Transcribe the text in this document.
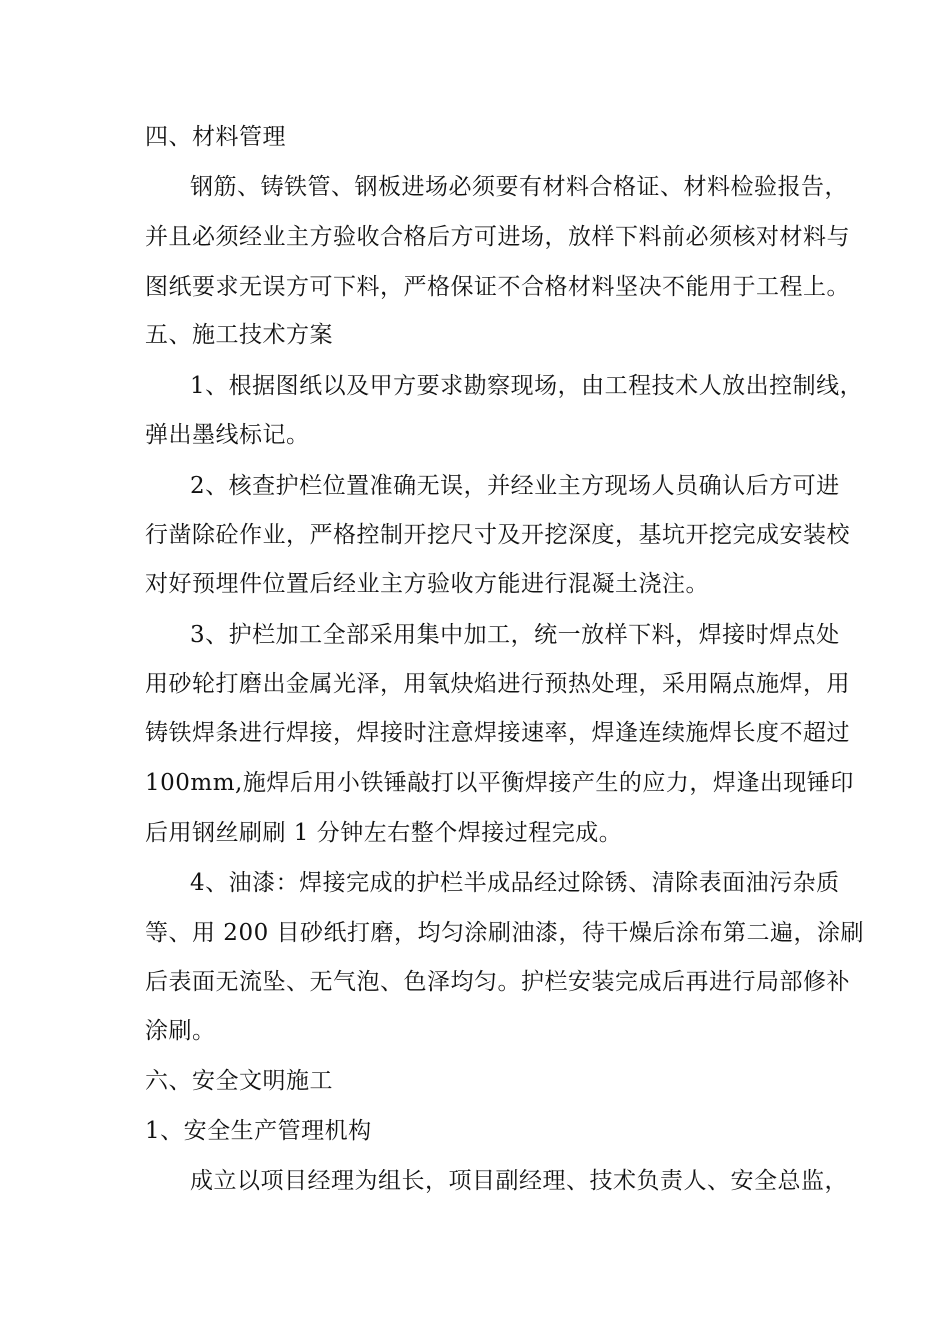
四、材料管理
钢筋、铸铁管、钢板进场必须要有材料合格证、材料检验报告，
并且必须经业主方验收合格后方可进场，放样下料前必须核对材料与
图纸要求无误方可下料，严格保证不合格材料坚决不能用于工程上。
五、施工技术方案
1、根据图纸以及甲方要求勘察现场，由工程技术人放出控制线，
弹出墨线标记。
2、核查护栏位置准确无误，并经业主方现场人员确认后方可进
行凿除砼作业，严格控制开挖尺寸及开挖深度，基坑开挖完成安装校
对好预埋件位置后经业主方验收方能进行混凝土浇注。
3、护栏加工全部采用集中加工，统一放样下料，焊接时焊点处
用砂轮打磨出金属光泽，用氧炔焰进行预热处理，采用隔点施焊，用
铸铁焊条进行焊接，焊接时注意焊接速率，焊逢连续施焊长度不超过
100mm,施焊后用小铁锤敲打以平衡焊接产生的应力，焊逢出现锤印
后用钢丝刷刷 1 分钟左右整个焊接过程完成。
4、油漆：焊接完成的护栏半成品经过除锈、清除表面油污杂质
等、用 200 目砂纸打磨，均匀涂刷油漆，待干燥后涂布第二遍，涂刷
后表面无流坠、无气泡、色泽均匀。护栏安装完成后再进行局部修补
涂刷。
六、安全文明施工
1、安全生产管理机构
成立以项目经理为组长，项目副经理、技术负责人、安全总监，
